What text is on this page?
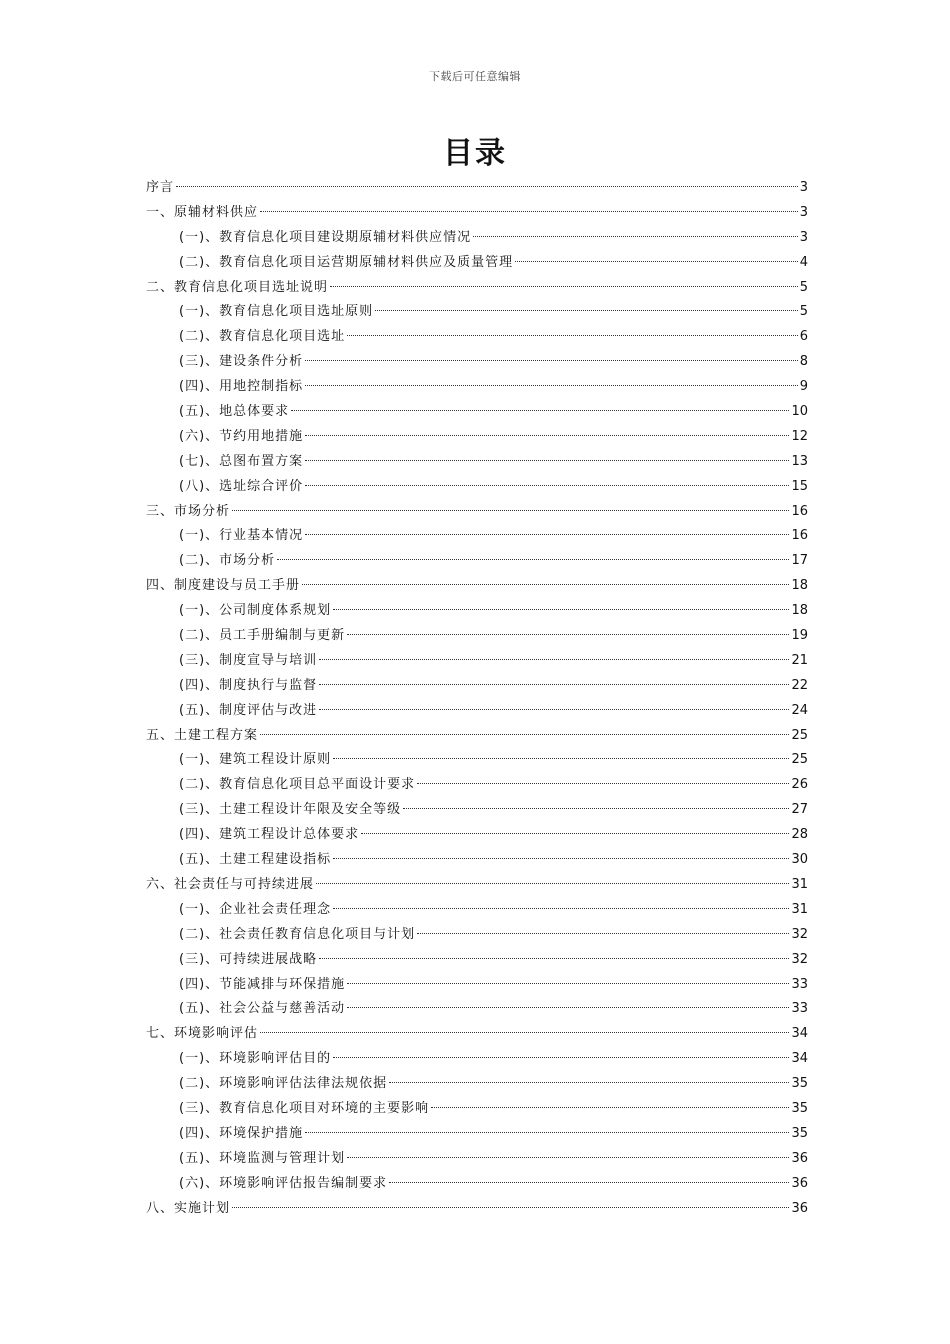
下载后可任意编辑
目录
序言	3
一、原辅材料供应	3
(一)、教育信息化项目建设期原辅材料供应情况	3
(二)、教育信息化项目运营期原辅材料供应及质量管理	4
二、教育信息化项目选址说明	5
(一)、教育信息化项目选址原则	5
(二)、教育信息化项目选址	6
(三)、建设条件分析	8
(四)、用地控制指标	9
(五)、地总体要求	10
(六)、节约用地措施	12
(七)、总图布置方案	13
(八)、选址综合评价	15
三、市场分析	16
(一)、行业基本情况	16
(二)、市场分析	17
四、制度建设与员工手册	18
(一)、公司制度体系规划	18
(二)、员工手册编制与更新	19
(三)、制度宣导与培训	21
(四)、制度执行与监督	22
(五)、制度评估与改进	24
五、土建工程方案	25
(一)、建筑工程设计原则	25
(二)、教育信息化项目总平面设计要求	26
(三)、土建工程设计年限及安全等级	27
(四)、建筑工程设计总体要求	28
(五)、土建工程建设指标	30
六、社会责任与可持续进展	31
(一)、企业社会责任理念	31
(二)、社会责任教育信息化项目与计划	32
(三)、可持续进展战略	32
(四)、节能减排与环保措施	33
(五)、社会公益与慈善活动	33
七、环境影响评估	34
(一)、环境影响评估目的	34
(二)、环境影响评估法律法规依据	35
(三)、教育信息化项目对环境的主要影响	35
(四)、环境保护措施	35
(五)、环境监测与管理计划	36
(六)、环境影响评估报告编制要求	36
八、实施计划	36
